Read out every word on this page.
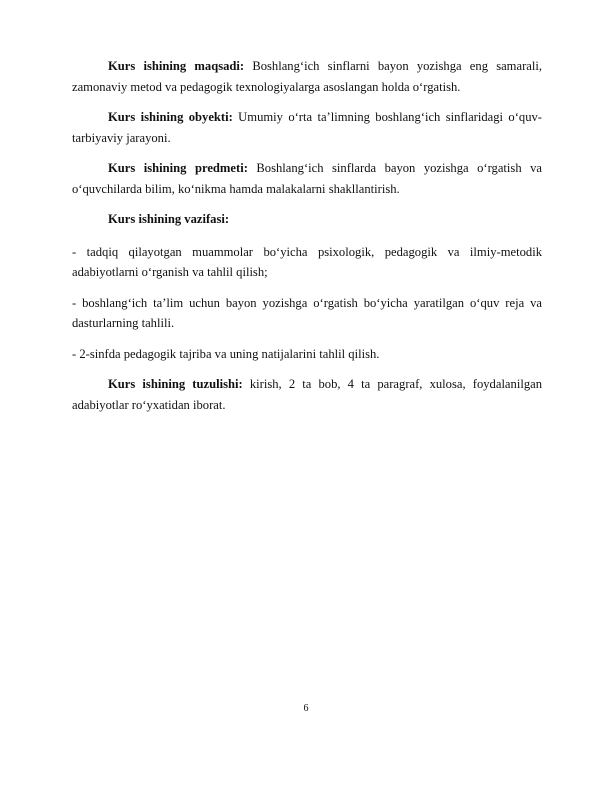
Kurs ishining maqsadi: Boshlang‘ich sinflarni bayon yozishga eng samarali, zamonaviy metod va pedagogik texnologiyalarga asoslangan holda o‘rgatish.

Kurs ishining obyekti: Umumiy o‘rta ta’limning boshlang‘ich sinflaridagi o‘quv-tarbiyaviy jarayoni.

Kurs ishining predmeti: Boshlang‘ich sinflarda bayon yozishga o‘rgatish va o‘quvchilarda bilim, ko‘nikma hamda malakalarni shakllantirish.

Kurs ishining vazifasi:

- tadqiq qilayotgan muammolar bo‘yicha psixologik, pedagogik va ilmiy-metodik adabiyotlarni o‘rganish va tahlil qilish;

- boshlang‘ich ta’lim uchun bayon yozishga o‘rgatish bo‘yicha yaratilgan o‘quv reja va dasturlarning tahlili.

- 2-sinfda pedagogik tajriba va uning natijalarini tahlil qilish.

Kurs ishining tuzulishi: kirish, 2 ta bob, 4 ta paragraf, xulosa, foydalanilgan adabiyotlar ro‘yxatidan iborat.

6
